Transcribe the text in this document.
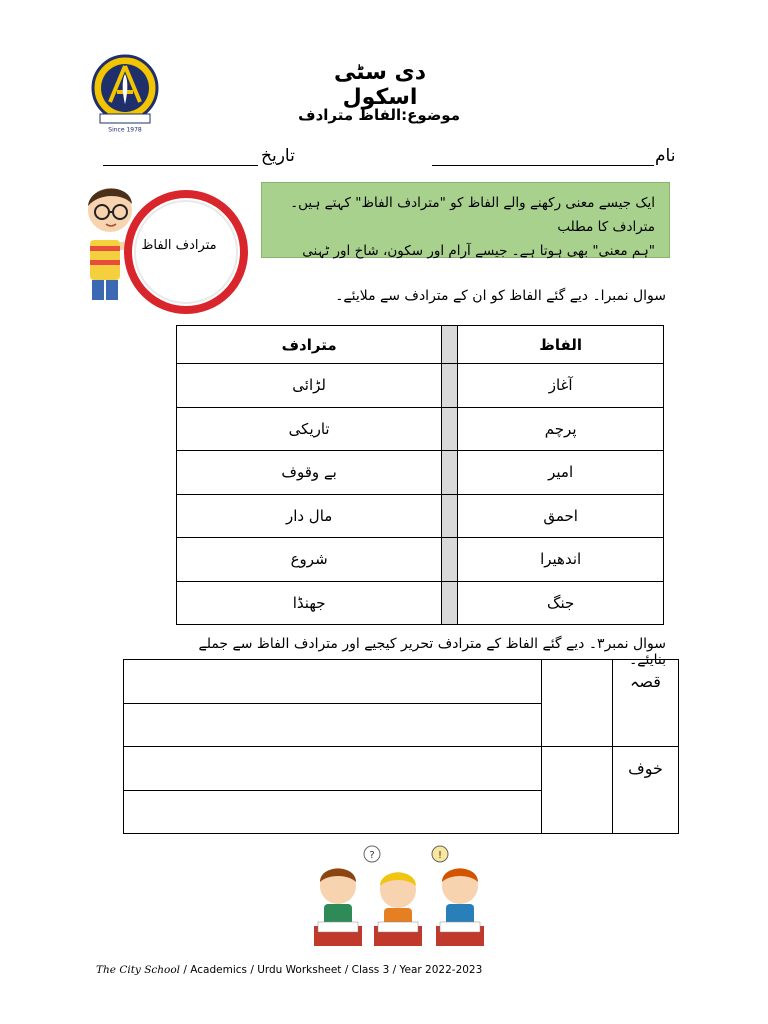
Since 1978
دی سٹی اسکول
موضوع:الفاظ مترادف
نام
تاریخ
مترادف الفاظ
ایک جیسے معنی رکھنے والے الفاظ کو "مترادف الفاظ" کہتے ہیں۔ مترادف کا مطلب
"ہم معنی" بھی ہوتا ہے۔ جیسے آرام اور سکون، شاخ اور ٹہنی
سوال نمبرا۔ دیے گئے الفاظ کو ان کے مترادف سے ملایئے۔
الفاظ		مترادف
آغاز		لڑائی
پرچم		تاریکی
امیر		بے وقوف
احمق		مال دار
اندھیرا		شروع
جنگ		جھنڈا
سوال نمبر۳۔ دیے گئے الفاظ کے مترادف تحریر کیجیے اور مترادف الفاظ سے جملے بنایئے۔
قصہ		

خوف		

?	!
The City School / Academics / Urdu Worksheet / Class 3 / Year 2022-2023
